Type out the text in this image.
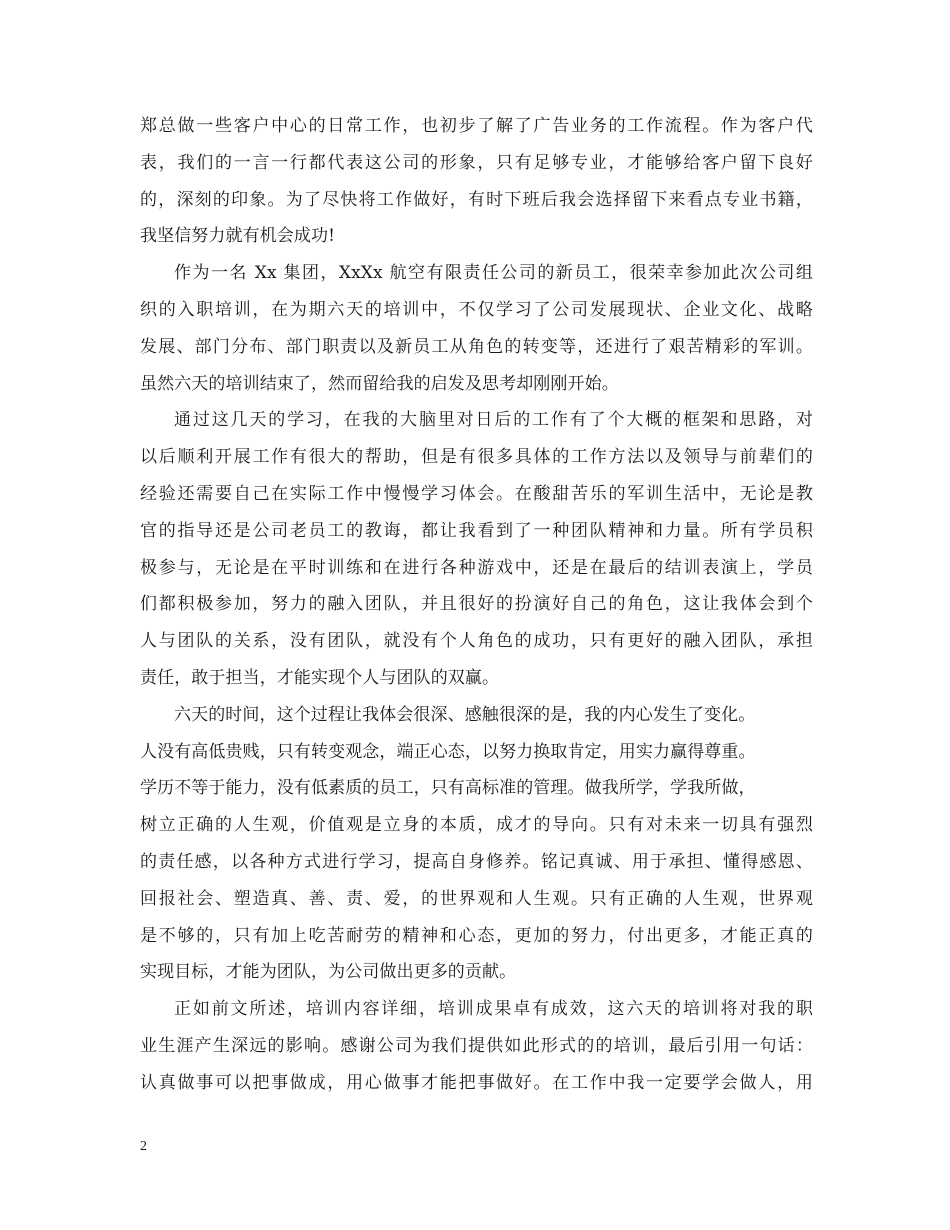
郑总做一些客户中心的日常工作，也初步了解了广告业务的工作流程。作为客户代
表，我们的一言一行都代表这公司的形象，只有足够专业，才能够给客户留下良好
的，深刻的印象。为了尽快将工作做好，有时下班后我会选择留下来看点专业书籍，
我坚信努力就有机会成功!
作为一名 Xx 集团，XxXx 航空有限责任公司的新员工，很荣幸参加此次公司组
织的入职培训，在为期六天的培训中，不仅学习了公司发展现状、企业文化、战略
发展、部门分布、部门职责以及新员工从角色的转变等，还进行了艰苦精彩的军训。
虽然六天的培训结束了，然而留给我的启发及思考却刚刚开始。
通过这几天的学习，在我的大脑里对日后的工作有了个大概的框架和思路，对
以后顺利开展工作有很大的帮助，但是有很多具体的工作方法以及领导与前辈们的
经验还需要自己在实际工作中慢慢学习体会。在酸甜苦乐的军训生活中，无论是教
官的指导还是公司老员工的教诲，都让我看到了一种团队精神和力量。所有学员积
极参与，无论是在平时训练和在进行各种游戏中，还是在最后的结训表演上，学员
们都积极参加，努力的融入团队，并且很好的扮演好自己的角色，这让我体会到个
人与团队的关系，没有团队，就没有个人角色的成功，只有更好的融入团队，承担
责任，敢于担当，才能实现个人与团队的双赢。
六天的时间，这个过程让我体会很深、感触很深的是，我的内心发生了变化。
人没有高低贵贱，只有转变观念，端正心态，以努力换取肯定，用实力赢得尊重。
学历不等于能力，没有低素质的员工，只有高标准的管理。做我所学，学我所做，
树立正确的人生观，价值观是立身的本质，成才的导向。只有对未来一切具有强烈
的责任感，以各种方式进行学习，提高自身修养。铭记真诚、用于承担、懂得感恩、
回报社会、塑造真、善、责、爱，的世界观和人生观。只有正确的人生观，世界观
是不够的，只有加上吃苦耐劳的精神和心态，更加的努力，付出更多，才能正真的
实现目标，才能为团队，为公司做出更多的贡献。
正如前文所述，培训内容详细，培训成果卓有成效，这六天的培训将对我的职
业生涯产生深远的影响。感谢公司为我们提供如此形式的的培训，最后引用一句话：
认真做事可以把事做成，用心做事才能把事做好。在工作中我一定要学会做人，用
2
